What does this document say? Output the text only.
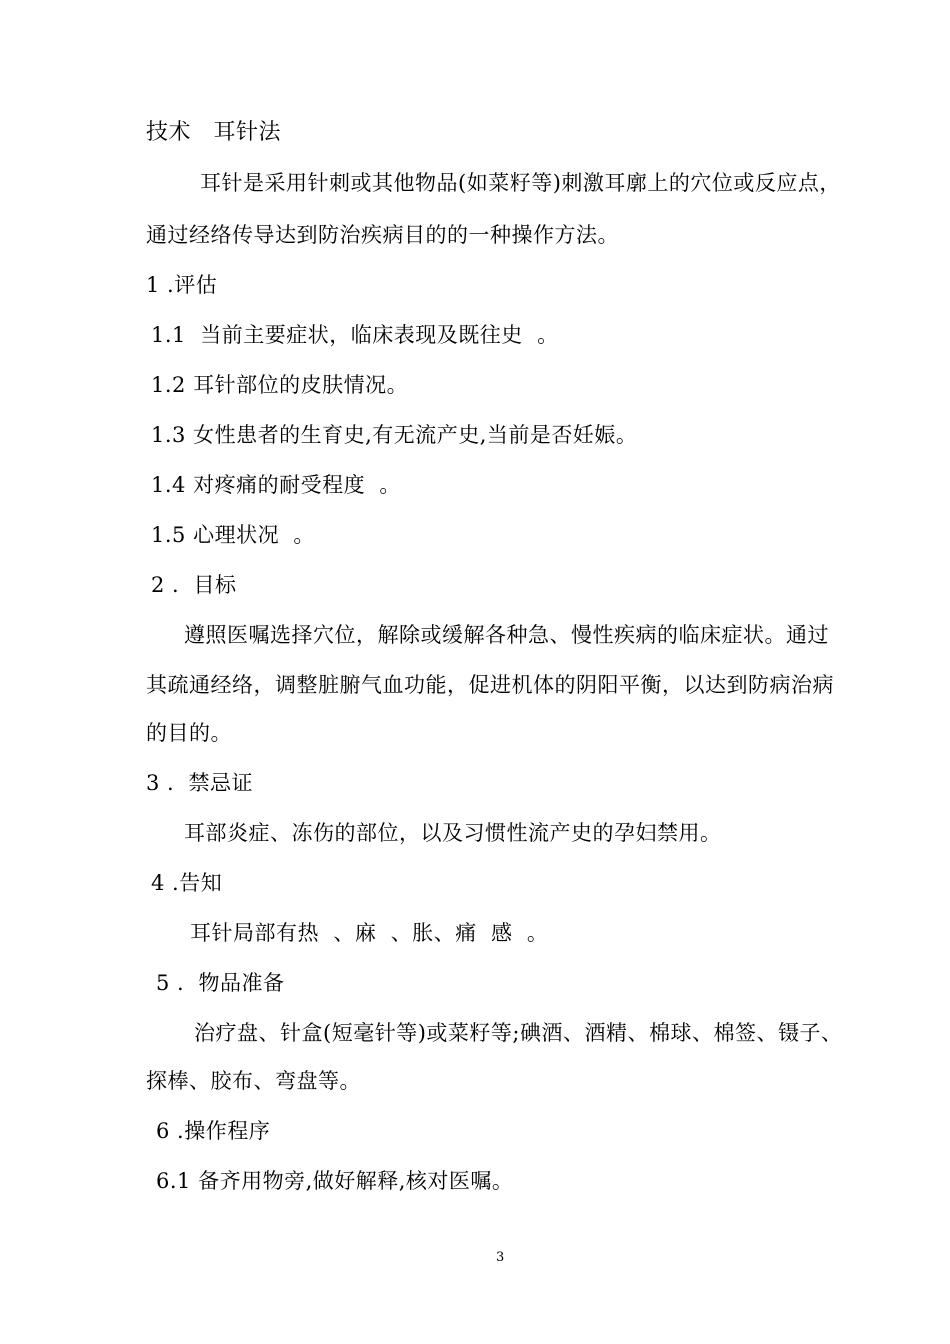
技术　耳针法
耳针是采用针刺或其他物品(如菜籽等)刺激耳廓上的穴位或反应点，
通过经络传导达到防治疾病目的的一种操作方法。
1 .评估
1.1  当前主要症状，临床表现及既往史  。
1.2 耳针部位的皮肤情况。
1.3 女性患者的生育史,有无流产史,当前是否妊娠。
1.4 对疼痛的耐受程度  。
1.5 心理状况  。
2 .  目标
遵照医嘱选择穴位，解除或缓解各种急、慢性疾病的临床症状。通过
其疏通经络，调整脏腑气血功能，促进机体的阴阳平衡，以达到防病治病
的目的。
3 .  禁忌证
耳部炎症、冻伤的部位，以及习惯性流产史的孕妇禁用。
4 .告知
耳针局部有热  、麻  、胀、痛  感  。
5 .  物品准备
治疗盘、针盒(短毫针等)或菜籽等;碘酒、酒精、棉球、棉签、镊子、
探棒、胶布、弯盘等。
6 .操作程序
6.1 备齐用物旁,做好解释,核对医嘱。
3
